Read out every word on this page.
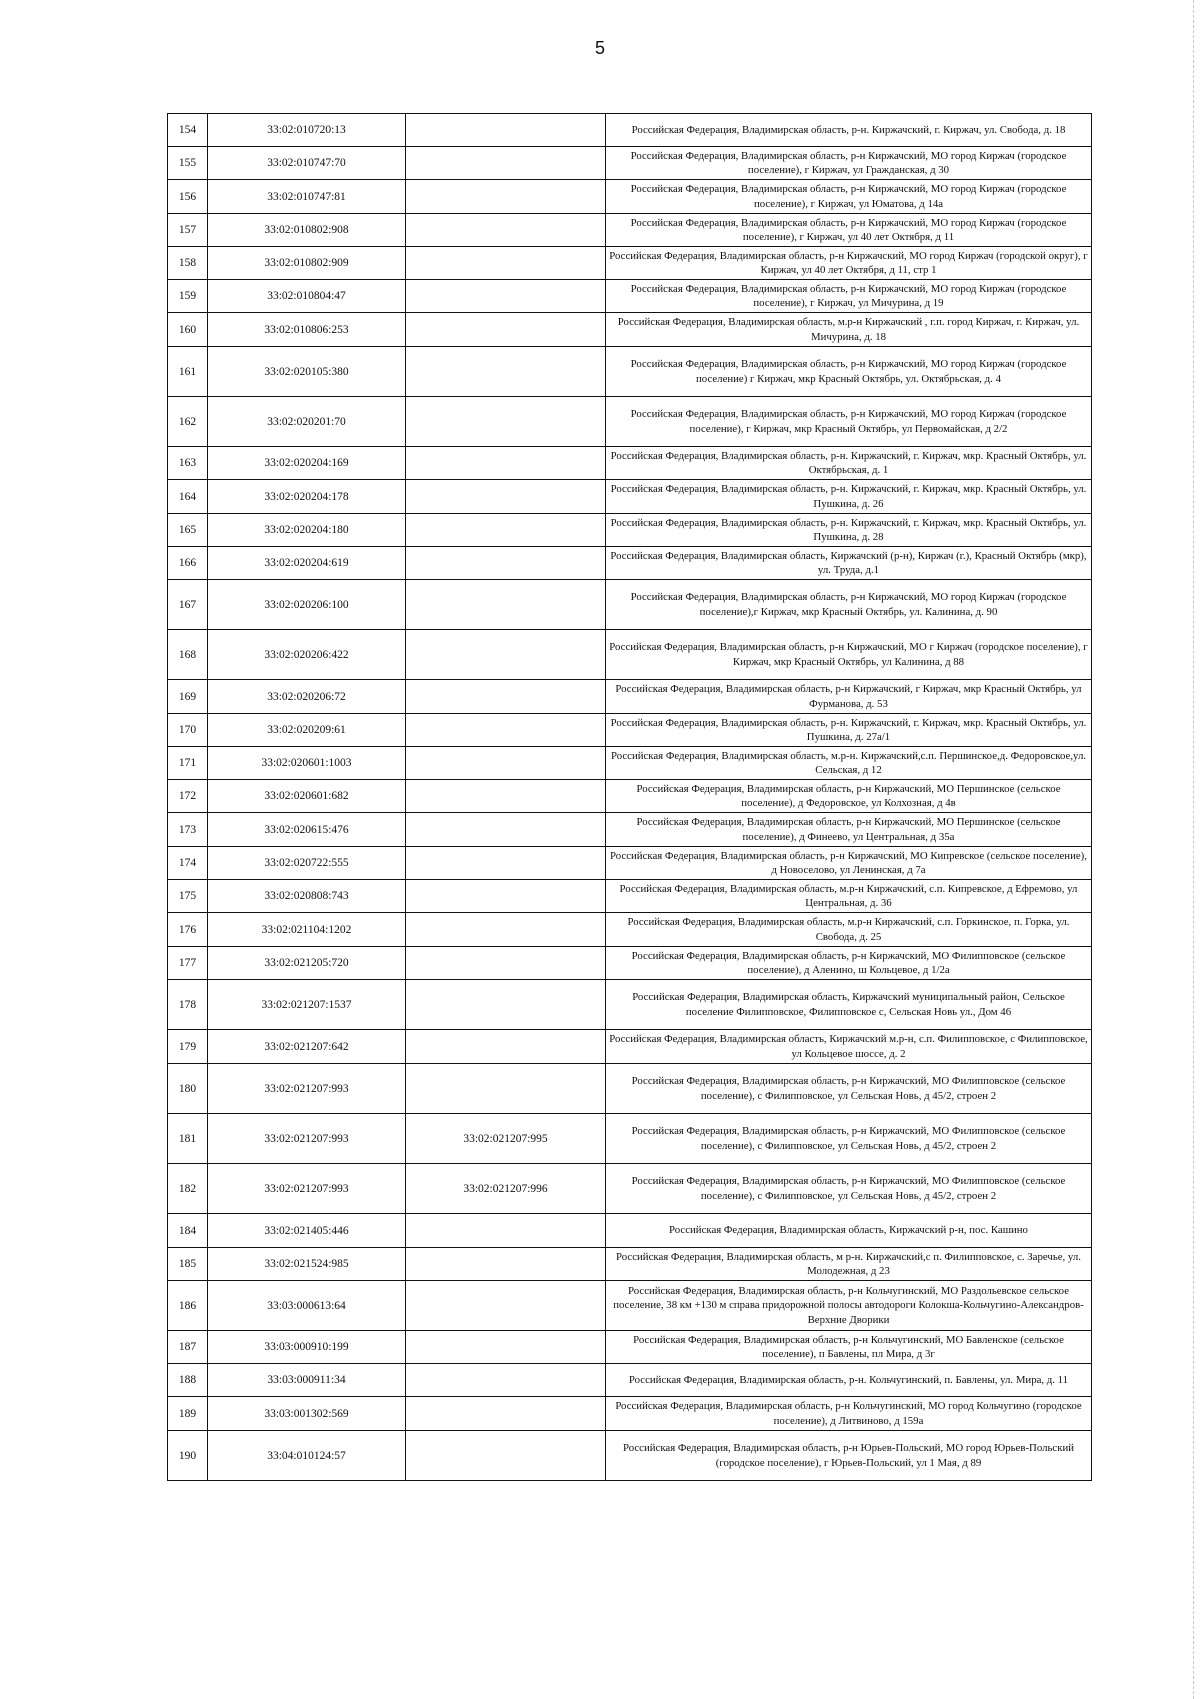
5
154	33:02:010720:13		Российская Федерация, Владимирская область, р-н. Киржачский, г. Киржач, ул. Свобода, д. 18
155	33:02:010747:70		Российская Федерация, Владимирская область, р-н Киржачский, МО город Киржач (городское поселение), г Киржач, ул Гражданская, д 30
156	33:02:010747:81		Российская Федерация, Владимирская область, р-н Киржачский, МО город Киржач (городское поселение), г Киржач, ул Юматова, д 14а
157	33:02:010802:908		Российская Федерация, Владимирская область, р-н Киржачский, МО город Киржач (городское поселение), г Киржач, ул 40 лет Октября, д 11
158	33:02:010802:909		Российская Федерация, Владимирская область, р-н Киржачский, МО город Киржач (городской округ), г Киржач, ул 40 лет Октября, д 11, стр 1
159	33:02:010804:47		Российская Федерация, Владимирская область, р-н Киржачский, МО город Киржач (городское поселение), г Киржач, ул Мичурина, д 19
160	33:02:010806:253		Российская Федерация, Владимирская область, м.р-н Киржачский , г.п. город Киржач, г. Киржач, ул. Мичурина, д. 18
161	33:02:020105:380		Российская Федерация, Владимирская область, р-н Киржачский, МО город Киржач (городское поселение) г Киржач, мкр Красный Октябрь, ул. Октябрьская, д. 4
162	33:02:020201:70		Российская Федерация, Владимирская область, р-н Киржачский, МО город Киржач (городское поселение), г Киржач, мкр Красный Октябрь, ул Первомайская, д 2/2
163	33:02:020204:169		Российская Федерация, Владимирская область, р-н. Киржачский, г. Киржач, мкр. Красный Октябрь, ул. Октябрьская, д. 1
164	33:02:020204:178		Российская Федерация, Владимирская область, р-н. Киржачский, г. Киржач, мкр. Красный Октябрь, ул. Пушкина, д. 26
165	33:02:020204:180		Российская Федерация, Владимирская область, р-н. Киржачский, г. Киржач, мкр. Красный Октябрь, ул. Пушкина, д. 28
166	33:02:020204:619		Российская Федерация, Владимирская область, Киржачский (р-н), Киржач (г.), Красный Октябрь (мкр), ул. Труда, д.1
167	33:02:020206:100		Российская Федерация, Владимирская область, р-н Киржачский, МО город Киржач (городское поселение),г Киржач, мкр Красный Октябрь, ул. Калинина, д. 90
168	33:02:020206:422		Российская Федерация, Владимирская область, р-н Киржачский, МО г Киржач (городское поселение), г Киржач, мкр Красный Октябрь, ул Калинина, д 88
169	33:02:020206:72		Российская Федерация, Владимирская область, р-н Киржачский, г Киржач, мкр Красный Октябрь, ул Фурманова, д. 53
170	33:02:020209:61		Российская Федерация, Владимирская область, р-н. Киржачский, г. Киржач, мкр. Красный Октябрь, ул. Пушкина, д. 27а/1
171	33:02:020601:1003		Российская Федерация, Владимирская область, м.р-н. Киржачский,с.п. Першинское,д. Федоровское,ул. Сельская, д 12
172	33:02:020601:682		Российская Федерация, Владимирская область, р-н Киржачский, МО Першинское (сельское поселение), д Федоровское, ул Колхозная, д 4в
173	33:02:020615:476		Российская Федерация, Владимирская область, р-н Киржачский, МО Першинское (сельское поселение), д Финеево, ул Центральная, д 35а
174	33:02:020722:555		Российская Федерация, Владимирская область, р-н Киржачский, МО Кипревское (сельское поселение), д Новоселово, ул Ленинская, д 7а
175	33:02:020808:743		Российская Федерация, Владимирская область, м.р-н Киржачский, с.п. Кипревское, д Ефремово, ул Центральная, д. 36
176	33:02:021104:1202		Российская Федерация, Владимирская область, м.р-н Киржачский, с.п. Горкинское, п. Горка, ул. Свобода, д. 25
177	33:02:021205:720		Российская Федерация, Владимирская область, р-н Киржачский, МО Филипповское (сельское поселение), д Аленино, ш Кольцевое, д 1/2а
178	33:02:021207:1537		Российская Федерация, Владимирская область, Киржачский муниципальный район, Сельское поселение Филипповское, Филипповское с, Сельская Новь ул., Дом 46
179	33:02:021207:642		Российская Федерация, Владимирская область, Киржачский м.р-н, с.п. Филипповское, с Филипповское, ул Кольцевое шоссе, д. 2
180	33:02:021207:993		Российская Федерация, Владимирская область, р-н Киржачский, МО Филипповское (сельское поселение), с Филипповское, ул Сельская Новь, д 45/2, строен 2
181	33:02:021207:993	33:02:021207:995	Российская Федерация, Владимирская область, р-н Киржачский, МО Филипповское (сельское поселение), с Филипповское, ул Сельская Новь, д 45/2, строен 2
182	33:02:021207:993	33:02:021207:996	Российская Федерация, Владимирская область, р-н Киржачский, МО Филипповское (сельское поселение), с Филипповское, ул Сельская Новь, д 45/2, строен 2
184	33:02:021405:446		Российская Федерация, Владимирская область, Киржачский р-н, пос. Кашино
185	33:02:021524:985		Российская Федерация, Владимирская область, м р-н. Киржачский,с п. Филипповское, с. Заречье, ул. Молодежная, д 23
186	33:03:000613:64		Российская Федерация, Владимирская область, р-н Кольчугинский, МО Раздольевское сельское поселение, 38 км +130 м справа придорожной полосы автодороги Колокша-Кольчугино-Александров-Верхние Дворики
187	33:03:000910:199		Российская Федерация, Владимирская область, р-н Кольчугинский, МО Бавленское (сельское поселение), п Бавлены, пл Мира, д 3г
188	33:03:000911:34		Российская Федерация, Владимирская область, р-н. Кольчугинский, п. Бавлены, ул. Мира, д. 11
189	33:03:001302:569		Российская Федерация, Владимирская область, р-н Кольчугинский, МО город Кольчугино (городское поселение), д Литвиново, д 159а
190	33:04:010124:57		Российская Федерация, Владимирская область, р-н Юрьев-Польский, МО город Юрьев-Польский (городское поселение), г Юрьев-Польский, ул 1 Мая, д 89
